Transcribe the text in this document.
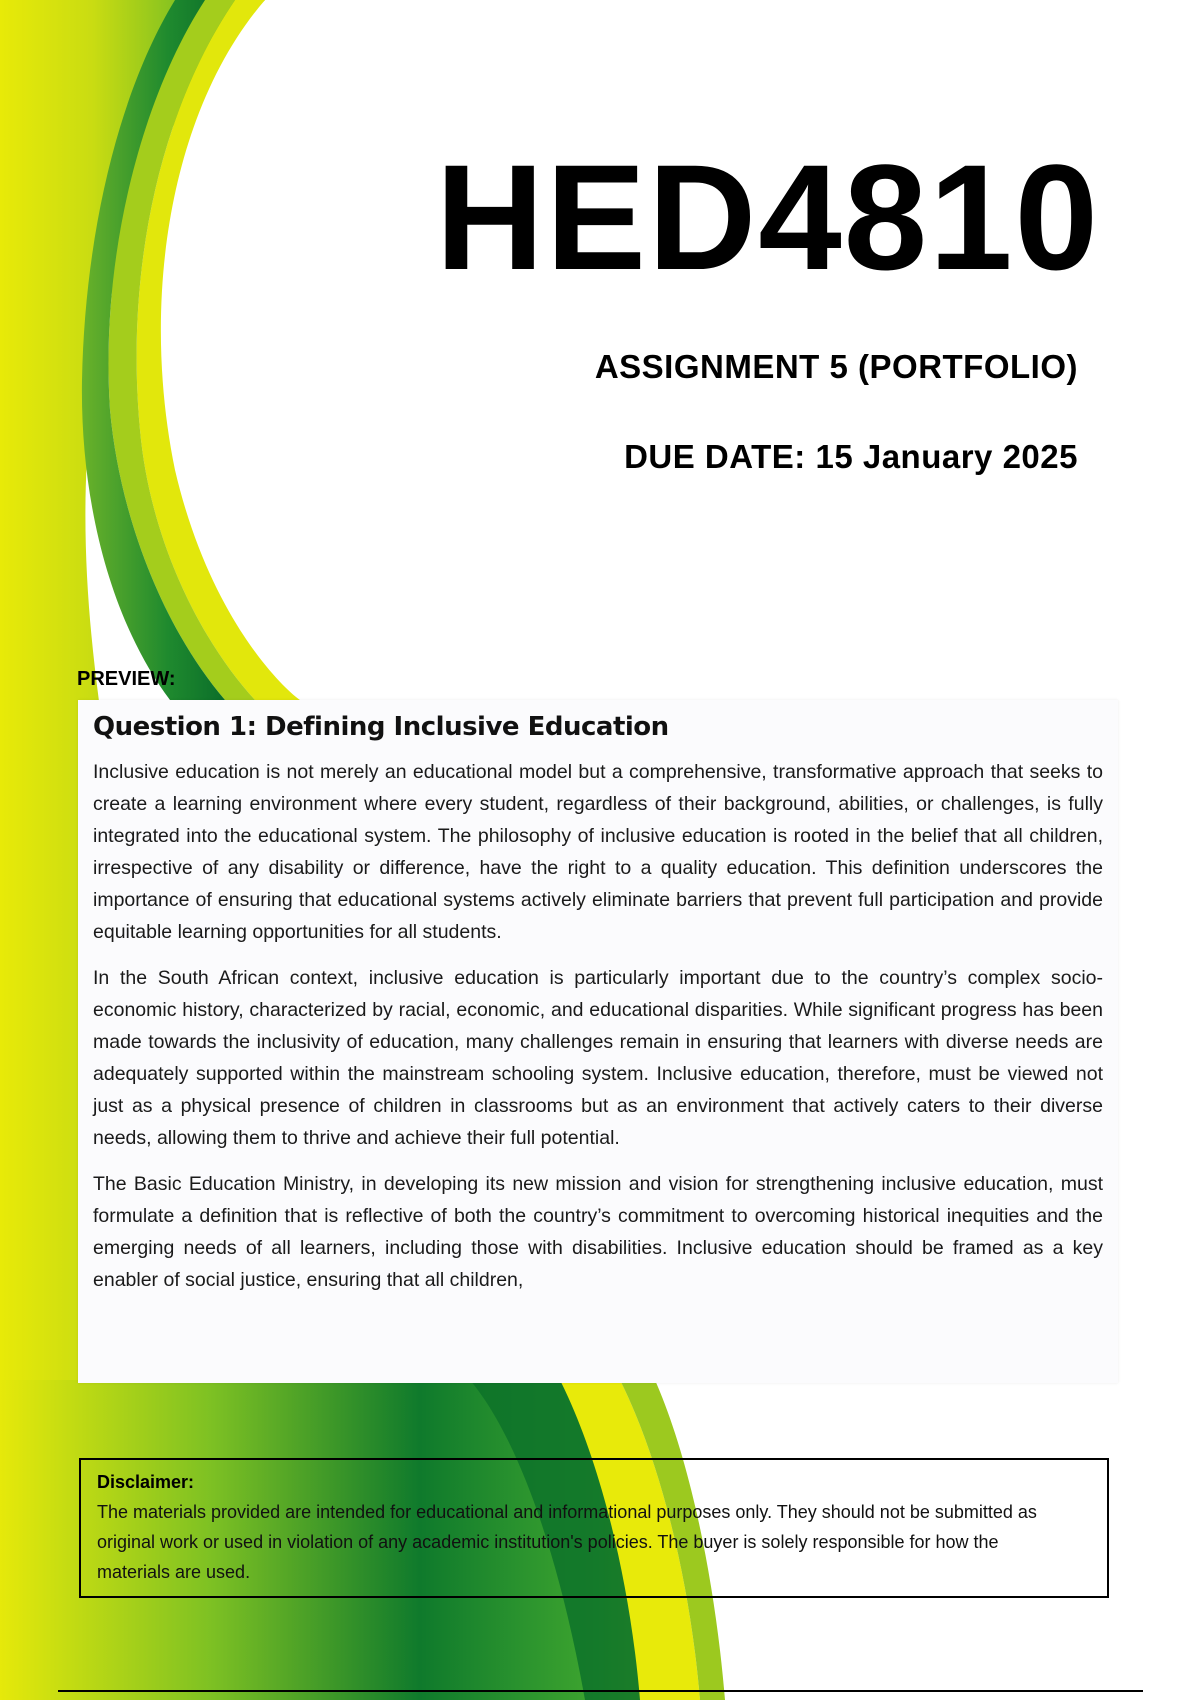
HED4810
ASSIGNMENT 5 (PORTFOLIO)
DUE DATE: 15 January 2025
PREVIEW:
Question 1: Defining Inclusive Education

Inclusive education is not merely an educational model but a comprehensive, transformative approach that seeks to create a learning environment where every student, regardless of their background, abilities, or challenges, is fully integrated into the educational system. The philosophy of inclusive education is rooted in the belief that all children, irrespective of any disability or difference, have the right to a quality education. This definition underscores the importance of ensuring that educational systems actively eliminate barriers that prevent full participation and provide equitable learning opportunities for all students.

In the South African context, inclusive education is particularly important due to the country’s complex socio-economic history, characterized by racial, economic, and educational disparities. While significant progress has been made towards the inclusivity of education, many challenges remain in ensuring that learners with diverse needs are adequately supported within the mainstream schooling system. Inclusive education, therefore, must be viewed not just as a physical presence of children in classrooms but as an environment that actively caters to their diverse needs, allowing them to thrive and achieve their full potential.

The Basic Education Ministry, in developing its new mission and vision for strengthening inclusive education, must formulate a definition that is reflective of both the country’s commitment to overcoming historical inequities and the emerging needs of all learners, including those with disabilities. Inclusive education should be framed as a key enabler of social justice, ensuring that all children,

Disclaimer:
The materials provided are intended for educational and informational purposes only. They should not be submitted as original work or used in violation of any academic institution's policies. The buyer is solely responsible for how the materials are used.
